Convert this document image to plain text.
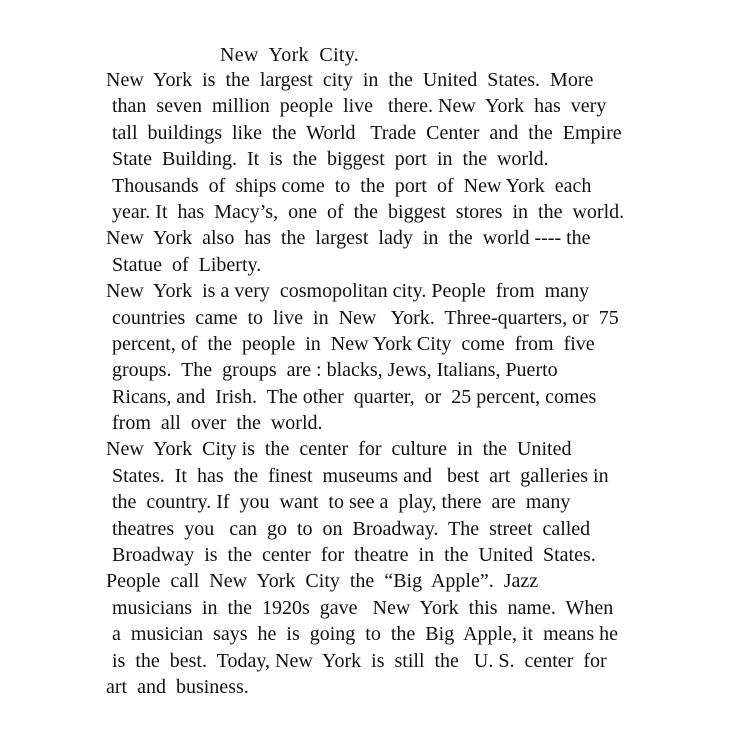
New  York  City.
New  York  is  the  largest  city  in  the  United  States.  More
than  seven  million  people  live   there. New  York  has  very
tall  buildings  like  the  World   Trade  Center  and  the  Empire
State  Building.  It  is  the  biggest  port  in  the  world.
Thousands  of  ships come  to  the  port  of  New York  each
year. It  has  Macy’s,  one  of  the  biggest  stores  in  the  world.
New  York  also  has  the  largest  lady  in  the  world ---- the
Statue  of  Liberty.
New  York  is a very  cosmopolitan city. People  from  many
countries  came  to  live  in  New   York.  Three-quarters, or  75
percent, of  the  people  in  New York City  come  from  five
groups.  The  groups  are : blacks, Jews, Italians, Puerto
Ricans, and  Irish.  The other  quarter,  or  25 percent, comes
from  all  over  the  world.
New  York  City is  the  center  for  culture  in  the  United
States.  It  has  the  finest  museums and   best  art  galleries in
the  country. If  you  want  to see a  play, there  are  many
theatres  you   can  go  to  on  Broadway.  The  street  called
Broadway  is  the  center  for  theatre  in  the  United  States.
People  call  New  York  City  the  “Big  Apple”.  Jazz
musicians  in  the  1920s  gave   New  York  this  name.  When
a  musician  says  he  is  going  to  the  Big  Apple, it  means he
is  the  best.  Today, New  York  is  still  the   U. S.  center  for
art  and  business.
